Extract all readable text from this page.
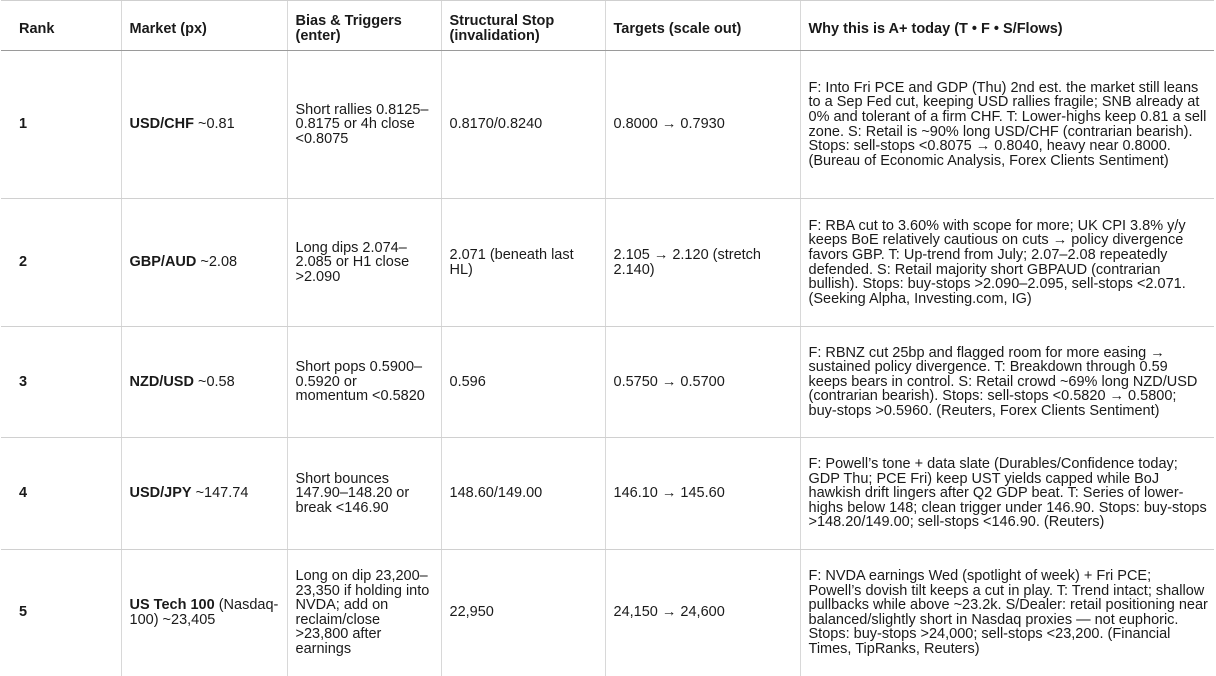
Rank	Market (px)	Bias & Triggers (enter)	Structural Stop (invalidation)	Targets (scale out)	Why this is A+ today (T • F • S/Flows)
1	USD/CHF ~0.81	Short rallies 0.8125–0.8175 or 4h close <0.8075	0.8170/0.8240	0.8000 → 0.7930	F: Into Fri PCE and GDP (Thu) 2nd est. the market still leans to a Sep Fed cut, keeping USD rallies fragile; SNB already at 0% and tolerant of a firm CHF. T: Lower-highs keep 0.81 a sell zone. S: Retail is ~90% long USD/CHF (contrarian bearish). Stops: sell-stops <0.8075 → 0.8040, heavy near 0.8000. (Bureau of Economic Analysis, Forex Clients Sentiment)
2	GBP/AUD ~2.08	Long dips 2.074–2.085 or H1 close >2.090	2.071 (beneath last HL)	2.105 → 2.120 (stretch 2.140)	F: RBA cut to 3.60% with scope for more; UK CPI 3.8% y/y keeps BoE relatively cautious on cuts → policy divergence favors GBP. T: Up-trend from July; 2.07–2.08 repeatedly defended. S: Retail majority short GBPAUD (contrarian bullish). Stops: buy-stops >2.090–2.095, sell-stops <2.071. (Seeking Alpha, Investing.com, IG)
3	NZD/USD ~0.58	Short pops 0.5900–0.5920 or momentum <0.5820	0.596	0.5750 → 0.5700	F: RBNZ cut 25bp and flagged room for more easing → sustained policy divergence. T: Breakdown through 0.59 keeps bears in control. S: Retail crowd ~69% long NZD/USD (contrarian bearish). Stops: sell-stops <0.5820 → 0.5800; buy-stops >0.5960. (Reuters, Forex Clients Sentiment)
4	USD/JPY ~147.74	Short bounces 147.90–148.20 or break <146.90	148.60/149.00	146.10 → 145.60	F: Powell’s tone + data slate (Durables/Confidence today; GDP Thu; PCE Fri) keep UST yields capped while BoJ hawkish drift lingers after Q2 GDP beat. T: Series of lower-highs below 148; clean trigger under 146.90. Stops: buy-stops >148.20/149.00; sell-stops <146.90. (Reuters)
5	US Tech 100 (Nasdaq-100) ~23,405	Long on dip 23,200–23,350 if holding into NVDA; add on reclaim/close >23,800 after earnings	22,950	24,150 → 24,600	F: NVDA earnings Wed (spotlight of week) + Fri PCE; Powell’s dovish tilt keeps a cut in play. T: Trend intact; shallow pullbacks while above ~23.2k. S/Dealer: retail positioning near balanced/slightly short in Nasdaq proxies — not euphoric. Stops: buy-stops >24,000; sell-stops <23,200. (Financial Times, TipRanks, Reuters)
